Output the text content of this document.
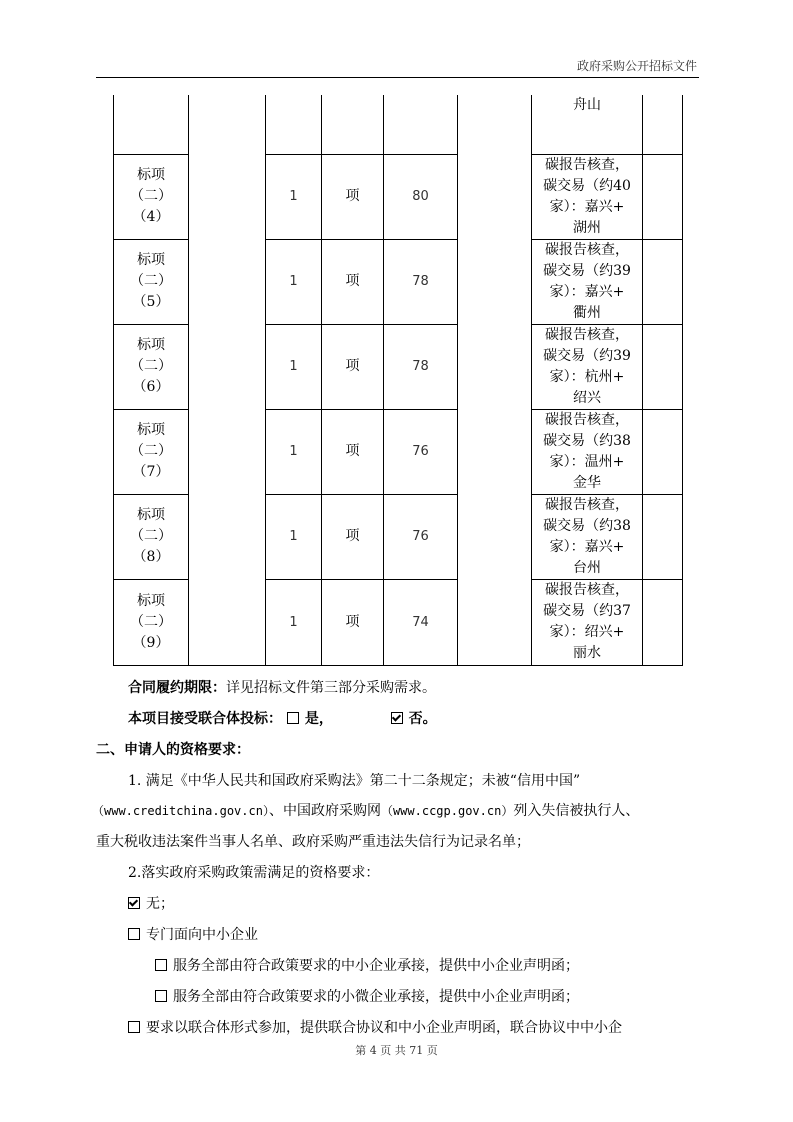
政府采购公开招标文件
						舟山	
标项
（二）
（4）		1	项	80		碳报告核查，
碳交易（约40
家）：嘉兴+
湖州	
标项
（二）
（5）		1	项	78		碳报告核查，
碳交易（约39
家）：嘉兴+
衢州	
标项
（二）
（6）		1	项	78		碳报告核查，
碳交易（约39
家）：杭州+
绍兴	
标项
（二）
（7）		1	项	76		碳报告核查，
碳交易（约38
家）：温州+
金华	
标项
（二）
（8）		1	项	76		碳报告核查，
碳交易（约38
家）：嘉兴+
台州	
标项
（二）
（9）		1	项	74		碳报告核查，
碳交易（约37
家）：绍兴+
丽水	
合同履约期限：详见招标文件第三部分采购需求。
本项目接受联合体投标： 是，	否。
二、申请人的资格要求：
1. 满足《中华人民共和国政府采购法》第二十二条规定；未被“信用中国”
（www.creditchina.gov.cn）、中国政府采购网（www.ccgp.gov.cn）列入失信被执行人、
重大税收违法案件当事人名单、政府采购严重违法失信行为记录名单；
2.落实政府采购政策需满足的资格要求：
无；
专门面向中小企业
服务全部由符合政策要求的中小企业承接，提供中小企业声明函；
服务全部由符合政策要求的小微企业承接，提供中小企业声明函；
要求以联合体形式参加，提供联合协议和中小企业声明函，联合协议中中小企
第 4 页 共 71 页
